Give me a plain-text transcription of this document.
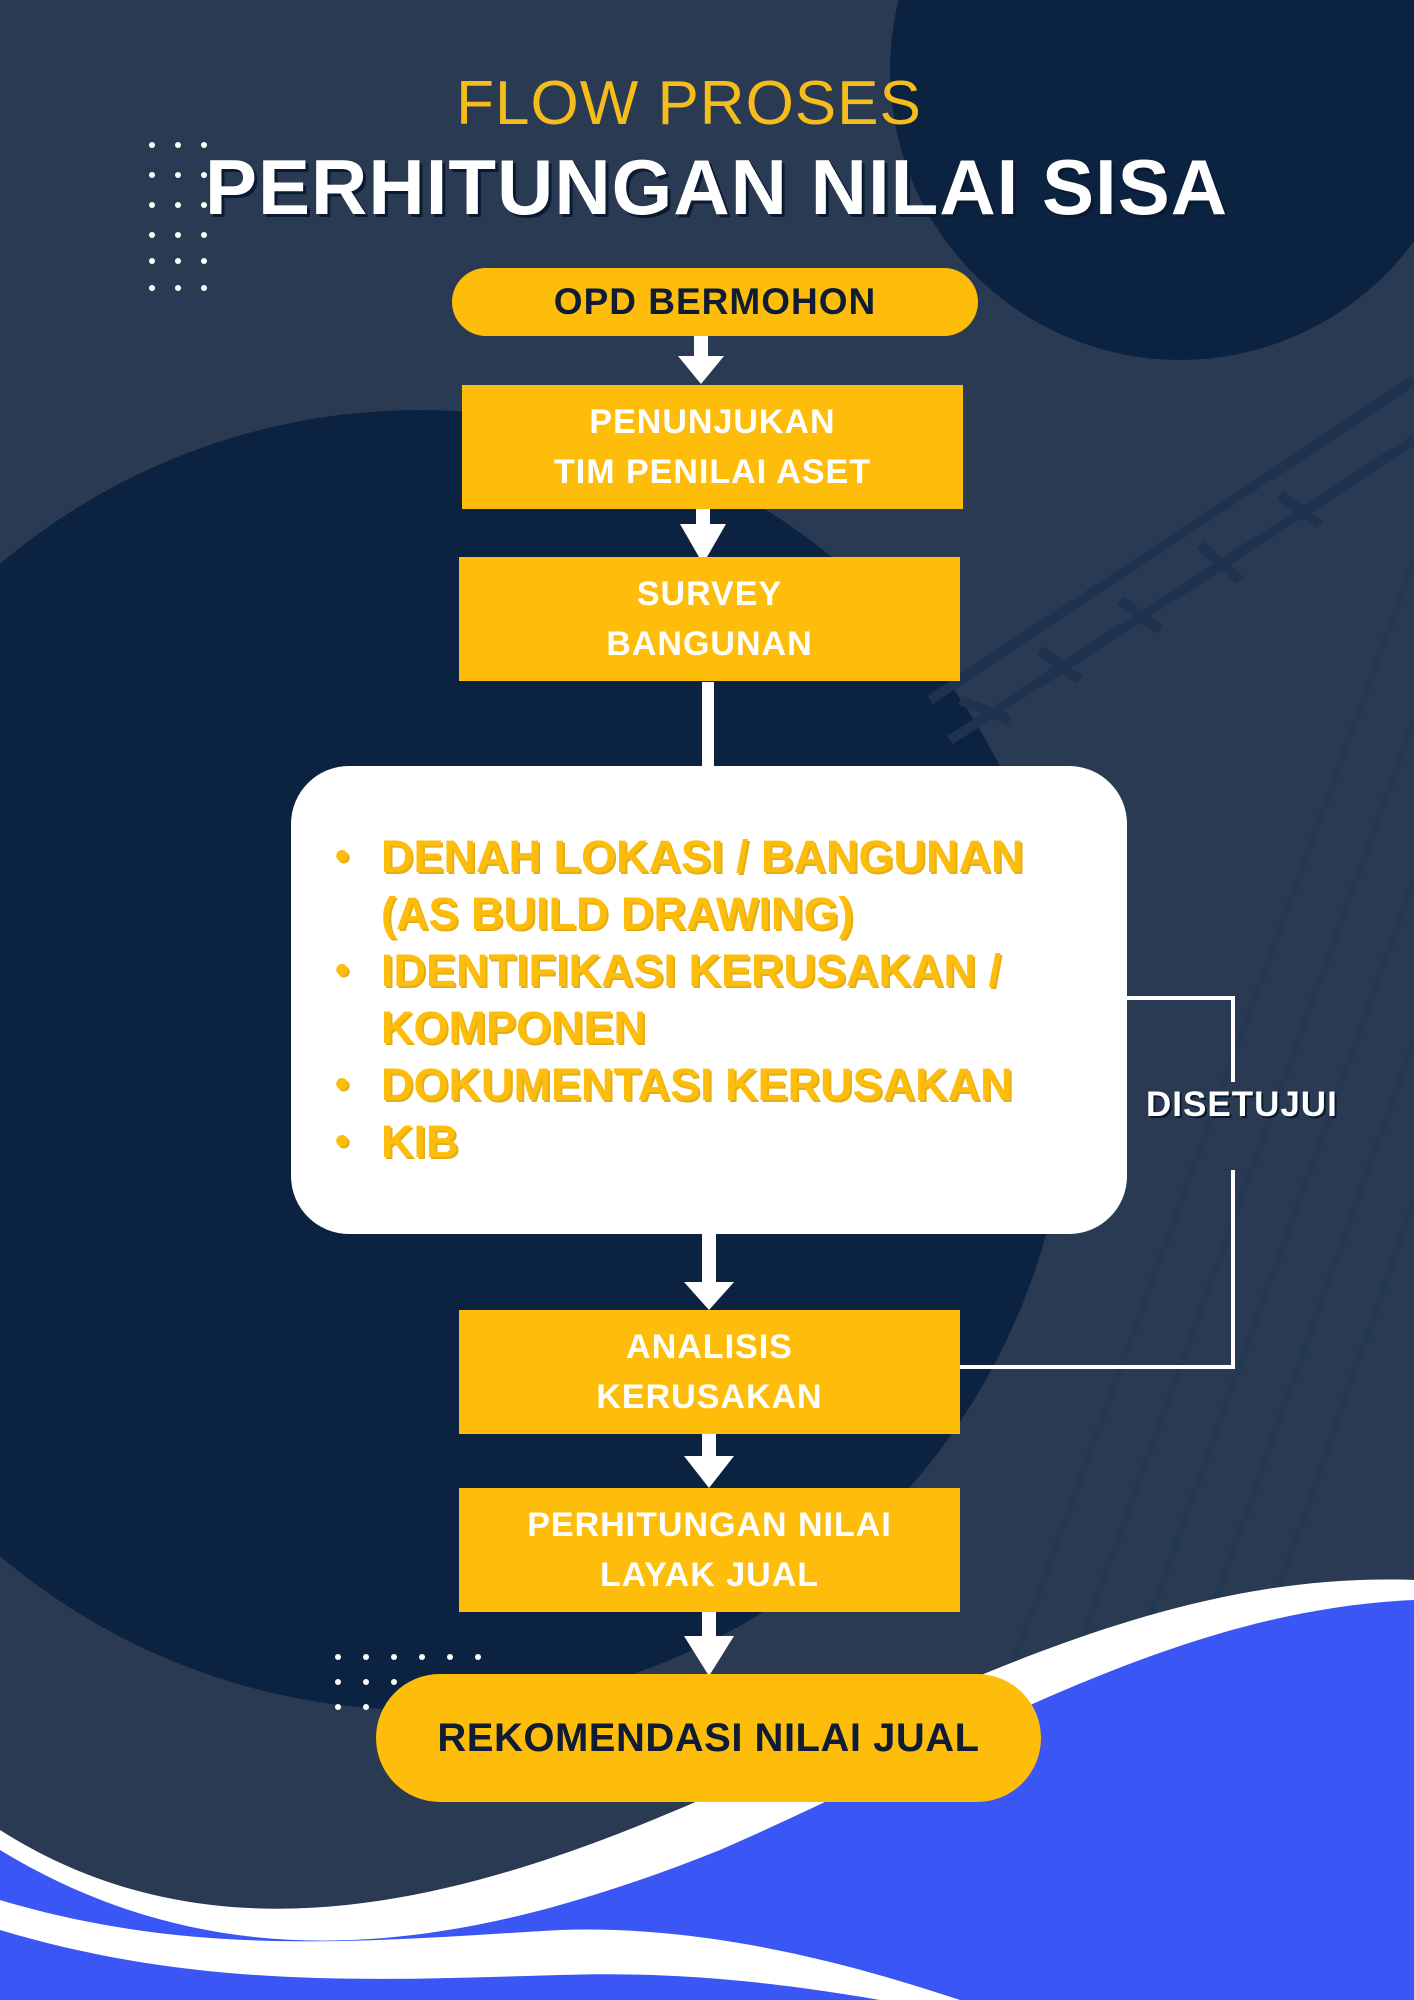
FLOW PROSES
PERHITUNGAN NILAI SISA
OPD BERMOHON
PENUNJUKAN
TIM PENILAI ASET
SURVEY
BANGUNAN
• DENAH LOKASI / BANGUNAN (AS BUILD DRAWING)
• IDENTIFIKASI KERUSAKAN / KOMPONEN
• DOKUMENTASI KERUSAKAN
• KIB
DISETUJUI
ANALISIS
KERUSAKAN
PERHITUNGAN NILAI
LAYAK JUAL
REKOMENDASI NILAI JUAL
